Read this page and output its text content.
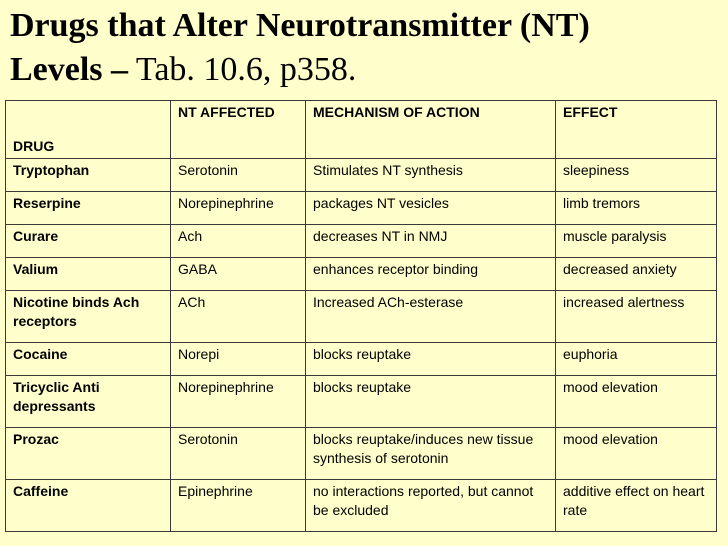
Drugs that Alter Neurotransmitter (NT)
Levels – Tab. 10.6, p358.
DRUG	NT AFFECTED	MECHANISM OF ACTION	EFFECT
Tryptophan	Serotonin	Stimulates NT synthesis	sleepiness
Reserpine	Norepinephrine	packages NT vesicles	limb tremors
Curare	Ach	decreases NT in NMJ	muscle paralysis
Valium	GABA	enhances receptor binding	decreased anxiety
Nicotine binds Ach receptors	ACh	Increased ACh-esterase	increased alertness
Cocaine	Norepi	blocks reuptake	euphoria
Tricyclic Anti depressants	Norepinephrine	blocks reuptake	mood elevation
Prozac	Serotonin	blocks reuptake/induces new tissue synthesis of serotonin	mood elevation
Caffeine	Epinephrine	no interactions reported, but cannot be excluded	additive effect on heart rate
